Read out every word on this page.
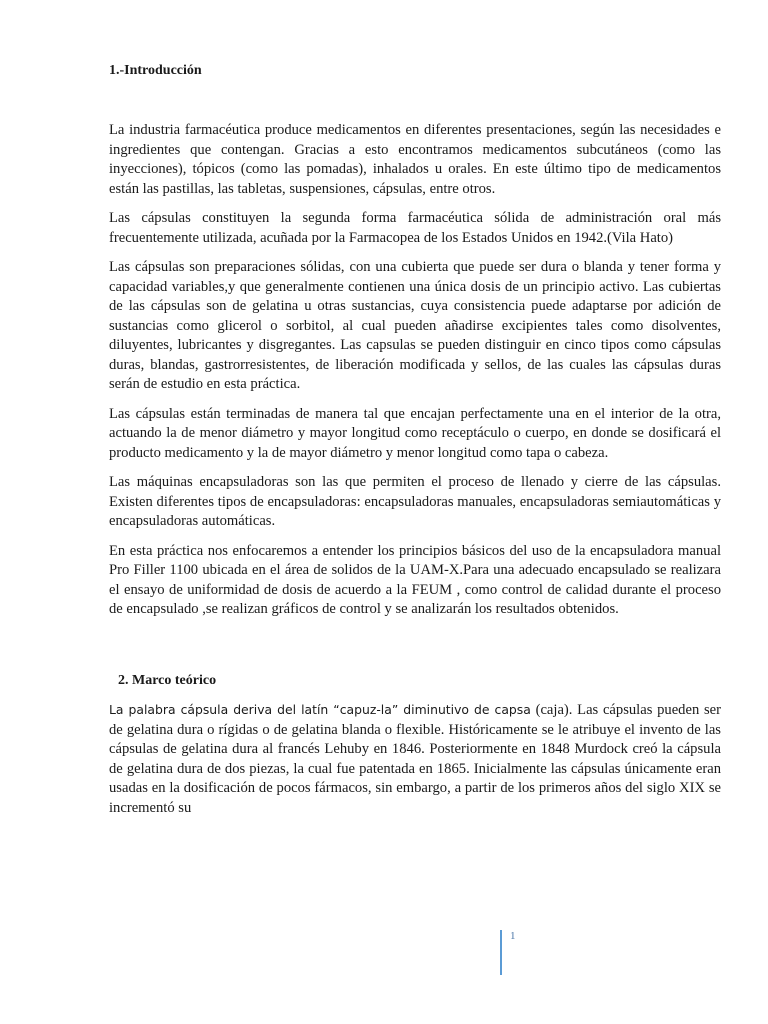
1.-Introducción

La industria farmacéutica produce medicamentos en diferentes presentaciones, según las necesidades e ingredientes que contengan. Gracias a esto encontramos medicamentos subcutáneos (como las inyecciones), tópicos (como las pomadas), inhalados u orales. En este último tipo de medicamentos están las pastillas, las tabletas, suspensiones, cápsulas, entre otros.

Las cápsulas constituyen la segunda forma farmacéutica sólida de administración oral más frecuentemente utilizada, acuñada por la Farmacopea de los Estados Unidos en 1942.(Vila Hato)

Las cápsulas son preparaciones sólidas, con una cubierta que puede ser dura o blanda y tener forma y capacidad variables,y que generalmente contienen una única dosis de un principio activo. Las cubiertas de las cápsulas son de gelatina u otras sustancias, cuya consistencia puede adaptarse por adición de sustancias como glicerol o sorbitol, al cual pueden añadirse excipientes tales como disolventes, diluyentes, lubricantes y disgregantes. Las capsulas se pueden distinguir en cinco tipos como cápsulas duras, blandas, gastrorresistentes, de liberación modificada y sellos, de las cuales las cápsulas duras serán de estudio en esta práctica.

Las cápsulas están terminadas de manera tal que encajan perfectamente una en el interior de la otra, actuando la de menor diámetro y mayor longitud como receptáculo o cuerpo, en donde se dosificará el producto medicamento y la de mayor diámetro y menor longitud como tapa o cabeza.

Las máquinas encapsuladoras son las que permiten el proceso de llenado y cierre de las cápsulas. Existen diferentes tipos de encapsuladoras: encapsuladoras manuales, encapsuladoras semiautomáticas y encapsuladoras automáticas.

En esta práctica nos enfocaremos a entender los principios básicos del uso de la encapsuladora manual Pro Filler 1100 ubicada en el área de solidos de la UAM-X.Para una adecuado encapsulado se realizara el ensayo de uniformidad de dosis de acuerdo a la FEUM , como control de calidad durante el proceso de encapsulado ,se realizan gráficos de control y se analizarán los resultados obtenidos.

2. Marco teórico

La palabra cápsula deriva del latín “capuz-la” diminutivo de capsa (caja). Las cápsulas pueden ser de gelatina dura o rígidas o de gelatina blanda o flexible. Históricamente se le atribuye el invento de las cápsulas de gelatina dura al francés Lehuby en 1846. Posteriormente en 1848 Murdock creó la cápsula de gelatina dura de dos piezas, la cual fue patentada en 1865. Inicialmente las cápsulas únicamente eran usadas en la dosificación de pocos fármacos, sin embargo, a partir de los primeros años del siglo XIX se incrementó su

1
